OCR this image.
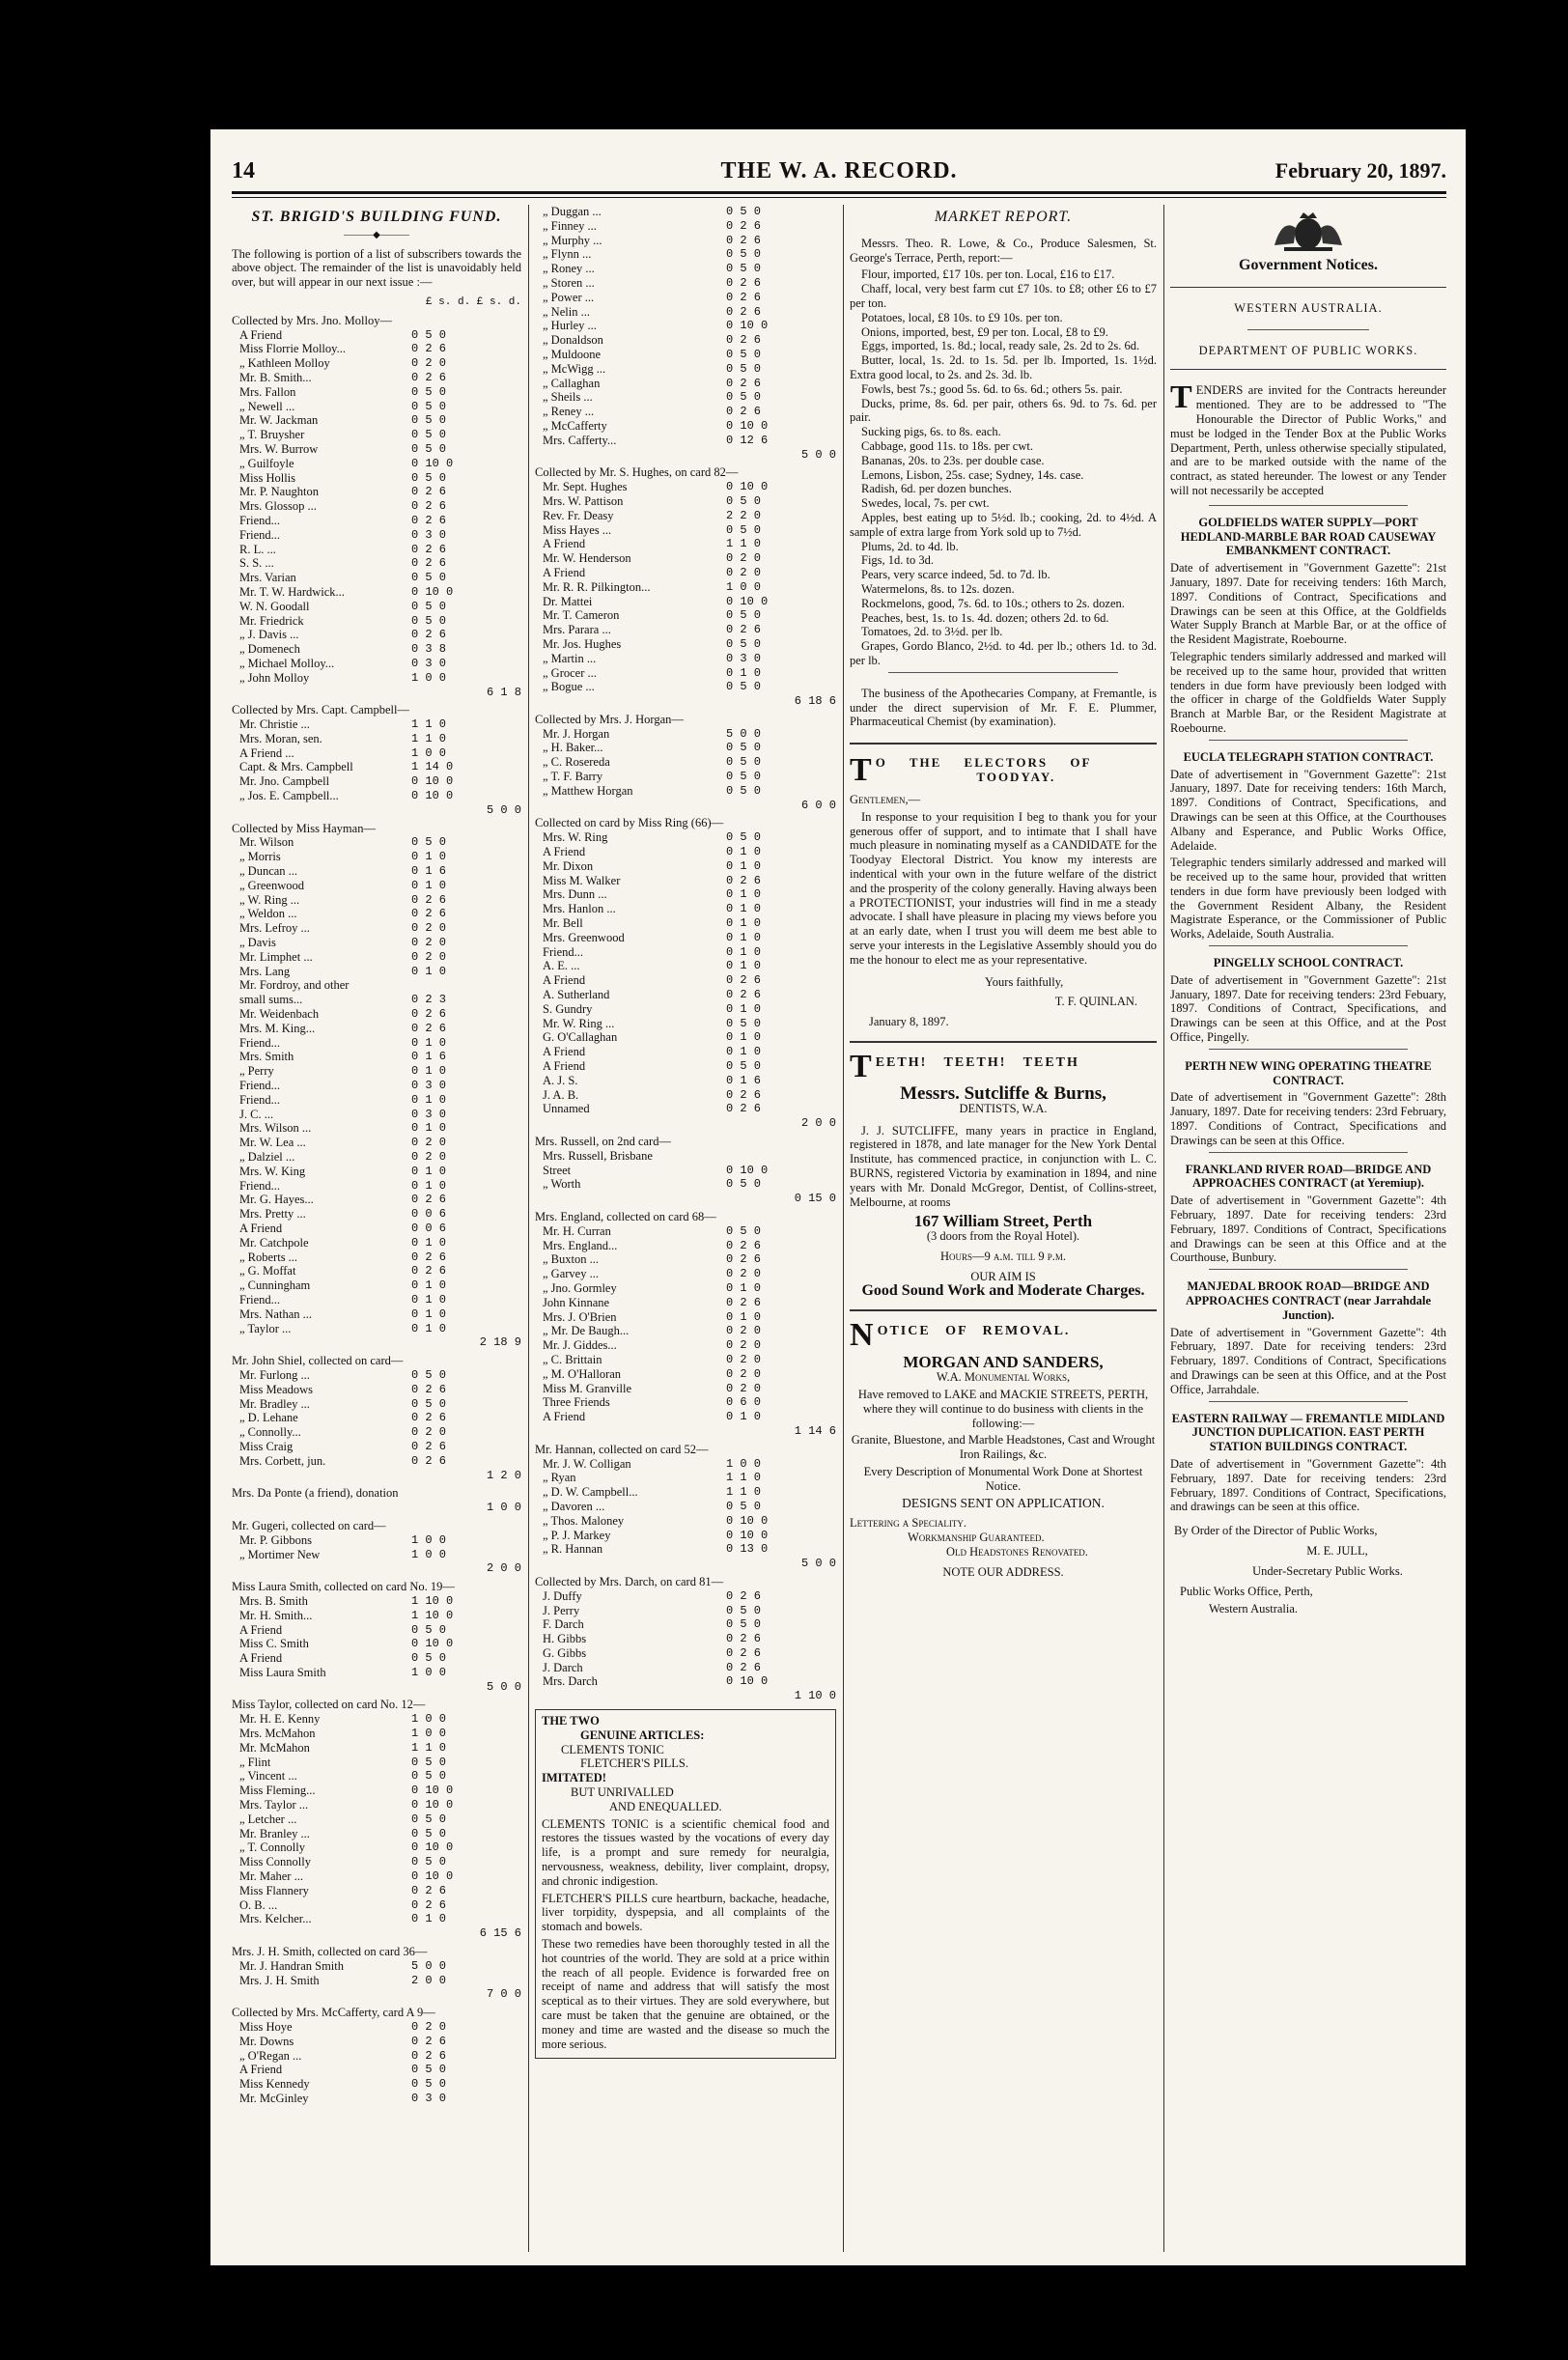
14	THE W. A. RECORD.	February 20, 1897.
ST. BRIGID'S BUILDING FUND.
———◆———
The following is portion of a list of subscribers towards the above object. The remainder of the list is unavoidably held over, but will appear in our next issue :—
£ s. d. £ s. d.
Collected by Mrs. Jno. Molloy—
A Friend	0 5 0
Miss Florrie Molloy...	0 2 6
„ Kathleen Molloy	0 2 0
Mr. B. Smith...	0 2 6
Mrs. Fallon	0 5 0
„ Newell ...	0 5 0
Mr. W. Jackman	0 5 0
„ T. Bruysher	0 5 0
Mrs. W. Burrow	0 5 0
„ Guilfoyle	0 10 0
Miss Hollis	0 5 0
Mr. P. Naughton	0 2 6
Mrs. Glossop ...	0 2 6
Friend...	0 2 6
Friend...	0 3 0
R. L. ...	0 2 6
S. S. ...	0 2 6
Mrs. Varian	0 5 0
Mr. T. W. Hardwick...	0 10 0
W. N. Goodall	0 5 0
Mr. Friedrick	0 5 0
„ J. Davis ...	0 2 6
„ Domenech	0 3 8
„ Michael Molloy...	0 3 0
„ John Molloy	1 0 0
6 1 8
Collected by Mrs. Capt. Campbell—
Mr. Christie ...	1 1 0
Mrs. Moran, sen.	1 1 0
A Friend ...	1 0 0
Capt. & Mrs. Campbell	1 14 0
Mr. Jno. Campbell	0 10 0
„ Jos. E. Campbell...	0 10 0
5 0 0
Collected by Miss Hayman—
Mr. Wilson	0 5 0
„ Morris	0 1 0
„ Duncan ...	0 1 6
„ Greenwood	0 1 0
„ W. Ring ...	0 2 6
„ Weldon ...	0 2 6
Mrs. Lefroy ...	0 2 0
„ Davis	0 2 0
Mr. Limphet ...	0 2 0
Mrs. Lang	0 1 0
Mr. Fordroy, and other
small sums...	0 2 3
Mr. Weidenbach	0 2 6
Mrs. M. King...	0 2 6
Friend...	0 1 0
Mrs. Smith	0 1 6
„ Perry	0 1 0
Friend...	0 3 0
Friend...	0 1 0
J. C. ...	0 3 0
Mrs. Wilson ...	0 1 0
Mr. W. Lea ...	0 2 0
„ Dalziel ...	0 2 0
Mrs. W. King	0 1 0
Friend...	0 1 0
Mr. G. Hayes...	0 2 6
Mrs. Pretty ...	0 0 6
A Friend	0 0 6
Mr. Catchpole	0 1 0
„ Roberts ...	0 2 6
„ G. Moffat	0 2 6
„ Cunningham	0 1 0
Friend...	0 1 0
Mrs. Nathan ...	0 1 0
„ Taylor ...	0 1 0
2 18 9
Mr. John Shiel, collected on card—
Mr. Furlong ...	0 5 0
Miss Meadows	0 2 6
Mr. Bradley ...	0 5 0
„ D. Lehane	0 2 6
„ Connolly...	0 2 0
Miss Craig	0 2 6
Mrs. Corbett, jun.	0 2 6
1 2 0
Mrs. Da Ponte (a friend), donation
1 0 0
Mr. Gugeri, collected on card—
Mr. P. Gibbons	1 0 0
„ Mortimer New	1 0 0
2 0 0
Miss Laura Smith, collected on card No. 19—
Mrs. B. Smith	1 10 0
Mr. H. Smith...	1 10 0
A Friend	0 5 0
Miss C. Smith	0 10 0
A Friend	0 5 0
Miss Laura Smith	1 0 0
5 0 0
Miss Taylor, collected on card No. 12—
Mr. H. E. Kenny	1 0 0
Mrs. McMahon	1 0 0
Mr. McMahon	1 1 0
„ Flint	0 5 0
„ Vincent ...	0 5 0
Miss Fleming...	0 10 0
Mrs. Taylor ...	0 10 0
„ Letcher ...	0 5 0
Mr. Branley ...	0 5 0
„ T. Connolly	0 10 0
Miss Connolly	0 5 0
Mr. Maher ...	0 10 0
Miss Flannery	0 2 6
O. B. ...	0 2 6
Mrs. Kelcher...	0 1 0
6 15 6
Mrs. J. H. Smith, collected on card 36—
Mr. J. Handran Smith	5 0 0
Mrs. J. H. Smith	2 0 0
7 0 0
Collected by Mrs. McCafferty, card A 9—
Miss Hoye	0 2 0
Mr. Downs	0 2 6
„ O'Regan ...	0 2 6
A Friend	0 5 0
Miss Kennedy	0 5 0
Mr. McGinley	0 3 0
„ Duggan ...	0 5 0
„ Finney ...	0 2 6
„ Murphy ...	0 2 6
„ Flynn ...	0 5 0
„ Roney ...	0 5 0
„ Storen ...	0 2 6
„ Power ...	0 2 6
„ Nelin ...	0 2 6
„ Hurley ...	0 10 0
„ Donaldson	0 2 6
„ Muldoone	0 5 0
„ McWigg ...	0 5 0
„ Callaghan	0 2 6
„ Sheils ...	0 5 0
„ Reney ...	0 2 6
„ McCafferty	0 10 0
Mrs. Cafferty...	0 12 6
5 0 0
Collected by Mr. S. Hughes, on card 82—
Mr. Sept. Hughes	0 10 0
Mrs. W. Pattison	0 5 0
Rev. Fr. Deasy	2 2 0
Miss Hayes ...	0 5 0
A Friend	1 1 0
Mr. W. Henderson	0 2 0
A Friend	0 2 0
Mr. R. R. Pilkington...	1 0 0
Dr. Mattei	0 10 0
Mr. T. Cameron	0 5 0
Mrs. Parara ...	0 2 6
Mr. Jos. Hughes	0 5 0
„ Martin ...	0 3 0
„ Grocer ...	0 1 0
„ Bogue ...	0 5 0
6 18 6
Collected by Mrs. J. Horgan—
Mr. J. Horgan	5 0 0
„ H. Baker...	0 5 0
„ C. Rosereda	0 5 0
„ T. F. Barry	0 5 0
„ Matthew Horgan	0 5 0
6 0 0
Collected on card by Miss Ring (66)—
Mrs. W. Ring	0 5 0
A Friend	0 1 0
Mr. Dixon	0 1 0
Miss M. Walker	0 2 6
Mrs. Dunn ...	0 1 0
Mrs. Hanlon ...	0 1 0
Mr. Bell	0 1 0
Mrs. Greenwood	0 1 0
Friend...	0 1 0
A. E. ...	0 1 0
A Friend	0 2 6
A. Sutherland	0 2 6
S. Gundry	0 1 0
Mr. W. Ring ...	0 5 0
G. O'Callaghan	0 1 0
A Friend	0 1 0
A Friend	0 5 0
A. J. S.	0 1 6
J. A. B.	0 2 6
Unnamed	0 2 6
2 0 0
Mrs. Russell, on 2nd card—
Mrs. Russell, Brisbane
Street	0 10 0
„ Worth	0 5 0
0 15 0
Mrs. England, collected on card 68—
Mr. H. Curran	0 5 0
Mrs. England...	0 2 6
„ Buxton ...	0 2 6
„ Garvey ...	0 2 0
„ Jno. Gormley	0 1 0
John Kinnane	0 2 6
Mrs. J. O'Brien	0 1 0
„ Mr. De Baugh...	0 2 0
Mr. J. Giddes...	0 2 0
„ C. Brittain	0 2 0
„ M. O'Halloran	0 2 0
Miss M. Granville	0 2 0
Three Friends	0 6 0
A Friend	0 1 0
1 14 6
Mr. Hannan, collected on card 52—
Mr. J. W. Colligan	1 0 0
„ Ryan	1 1 0
„ D. W. Campbell...	1 1 0
„ Davoren ...	0 5 0
„ Thos. Maloney	0 10 0
„ P. J. Markey	0 10 0
„ R. Hannan	0 13 0
5 0 0
Collected by Mrs. Darch, on card 81—
J. Duffy	0 2 6
J. Perry	0 5 0
F. Darch	0 5 0
H. Gibbs	0 2 6
G. Gibbs	0 2 6
J. Darch	0 2 6
Mrs. Darch	0 10 0
1 10 0
THE TWO
GENUINE ARTICLES:
CLEMENTS TONIC
FLETCHER'S PILLS.
IMITATED!
BUT UNRIVALLED
AND ENEQUALLED.

CLEMENTS TONIC is a scientific chemical food and restores the tissues wasted by the vocations of every day life, is a prompt and sure remedy for neuralgia, nervousness, weakness, debility, liver complaint, dropsy, and chronic indigestion.

FLETCHER'S PILLS cure heartburn, backache, headache, liver torpidity, dyspepsia, and all complaints of the stomach and bowels.

These two remedies have been thoroughly tested in all the hot countries of the world. They are sold at a price within the reach of all people. Evidence is forwarded free on receipt of name and address that will satisfy the most sceptical as to their virtues. They are sold everywhere, but care must be taken that the genuine are obtained, or the money and time are wasted and the disease so much the more serious.

MARKET REPORT.

Messrs. Theo. R. Lowe, & Co., Produce Salesmen, St. George's Terrace, Perth, report:—

Flour, imported, £17 10s. per ton. Local, £16 to £17.

Chaff, local, very best farm cut £7 10s. to £8; other £6 to £7 per ton.

Potatoes, local, £8 10s. to £9 10s. per ton.

Onions, imported, best, £9 per ton. Local, £8 to £9.

Eggs, imported, 1s. 8d.; local, ready sale, 2s. 2d to 2s. 6d.

Butter, local, 1s. 2d. to 1s. 5d. per lb. Imported, 1s. 1½d. Extra good local, to 2s. and 2s. 3d. lb.

Fowls, best 7s.; good 5s. 6d. to 6s. 6d.; others 5s. pair.

Ducks, prime, 8s. 6d. per pair, others 6s. 9d. to 7s. 6d. per pair.

Sucking pigs, 6s. to 8s. each.

Cabbage, good 11s. to 18s. per cwt.

Bananas, 20s. to 23s. per double case.

Lemons, Lisbon, 25s. case; Sydney, 14s. case.

Radish, 6d. per dozen bunches.

Swedes, local, 7s. per cwt.

Apples, best eating up to 5½d. lb.; cooking, 2d. to 4½d. A sample of extra large from York sold up to 7½d.

Plums, 2d. to 4d. lb.

Figs, 1d. to 3d.

Pears, very scarce indeed, 5d. to 7d. lb.

Watermelons, 8s. to 12s. dozen.

Rockmelons, good, 7s. 6d. to 10s.; others to 2s. dozen.

Peaches, best, 1s. to 1s. 4d. dozen; others 2d. to 6d.

Tomatoes, 2d. to 3½d. per lb.

Grapes, Gordo Blanco, 2½d. to 4d. per lb.; others 1d. to 3d. per lb.

The business of the Apothecaries Company, at Fremantle, is under the direct supervision of Mr. F. E. Plummer, Pharmaceutical Chemist (by examination).

T O THE ELECTORS OF
TOODYAY.
Gentlemen,—

In response to your requisition I beg to thank you for your generous offer of support, and to intimate that I shall have much pleasure in nominating myself as a CANDIDATE for the Toodyay Electoral District. You know my interests are indentical with your own in the future welfare of the district and the prosperity of the colony generally. Having always been a PROTECTIONIST, your industries will find in me a steady advocate. I shall have pleasure in placing my views before you at an early date, when I trust you will deem me best able to serve your interests in the Legislative Assembly should you do me the honour to elect me as your representative.

Yours faithfully,
T. F. QUINLAN.
January 8, 1897.
T EETH! TEETH! TEETH
Messrs. Sutcliffe & Burns,
DENTISTS, W.A.

J. J. SUTCLIFFE, many years in practice in England, registered in 1878, and late manager for the New York Dental Institute, has commenced practice, in conjunction with L. C. BURNS, registered Victoria by examination in 1894, and nine years with Mr. Donald McGregor, Dentist, of Collins-street, Melbourne, at rooms

167 William Street, Perth
(3 doors from the Royal Hotel).
Hours—9 a.m. till 9 p.m.
OUR AIM IS
Good Sound Work and Moderate Charges.
N OTICE OF REMOVAL.
MORGAN AND SANDERS,
W.A. Monumental Works,

Have removed to LAKE and MACKIE STREETS, PERTH, where they will continue to do business with clients in the following:—

Granite, Bluestone, and Marble Headstones, Cast and Wrought Iron Railings, &c.

Every Description of Monumental Work Done at Shortest Notice.

DESIGNS SENT ON APPLICATION.
Lettering a Speciality.
Workmanship Guaranteed.
Old Headstones Renovated.
NOTE OUR ADDRESS.
Government Notices.
WESTERN AUSTRALIA.
DEPARTMENT OF PUBLIC WORKS.
T ENDERS are invited for the Contracts hereunder mentioned. They are to be addressed to "The Honourable the Director of Public Works," and must be lodged in the Tender Box at the Public Works Department, Perth, unless otherwise specially stipulated, and are to be marked outside with the name of the contract, as stated hereunder. The lowest or any Tender will not necessarily be accepted

GOLDFIELDS WATER SUPPLY—PORT HEDLAND-MARBLE BAR ROAD CAUSEWAY EMBANKMENT CONTRACT.

Date of advertisement in "Government Gazette": 21st January, 1897. Date for receiving tenders: 16th March, 1897. Conditions of Contract, Specifications and Drawings can be seen at this Office, at the Goldfields Water Supply Branch at Marble Bar, or at the office of the Resident Magistrate, Roebourne.

Telegraphic tenders similarly addressed and marked will be received up to the same hour, provided that written tenders in due form have previously been lodged with the officer in charge of the Goldfields Water Supply Branch at Marble Bar, or the Resident Magistrate at Roebourne.

EUCLA TELEGRAPH STATION CONTRACT.

Date of advertisement in "Government Gazette": 21st January, 1897. Date for receiving tenders: 16th March, 1897. Conditions of Contract, Specifications, and Drawings can be seen at this Office, at the Courthouses Albany and Esperance, and Public Works Office, Adelaide.

Telegraphic tenders similarly addressed and marked will be received up to the same hour, provided that written tenders in due form have previously been lodged with the Government Resident Albany, the Resident Magistrate Esperance, or the Commissioner of Public Works, Adelaide, South Australia.

PINGELLY SCHOOL CONTRACT.

Date of advertisement in "Government Gazette": 21st January, 1897. Date for receiving tenders: 23rd Febuary, 1897. Conditions of Contract, Specifications, and Drawings can be seen at this Office, and at the Post Office, Pingelly.

PERTH NEW WING OPERATING THEATRE CONTRACT.

Date of advertisement in "Government Gazette": 28th January, 1897. Date for receiving tenders: 23rd February, 1897. Conditions of Contract, Specifications and Drawings can be seen at this Office.

FRANKLAND RIVER ROAD—BRIDGE AND APPROACHES CONTRACT (at Yeremiup).

Date of advertisement in "Government Gazette": 4th February, 1897. Date for receiving tenders: 23rd February, 1897. Conditions of Contract, Specifications and Drawings can be seen at this Office and at the Courthouse, Bunbury.

MANJEDAL BROOK ROAD—BRIDGE AND APPROACHES CONTRACT (near Jarrahdale Junction).

Date of advertisement in "Government Gazette": 4th February, 1897. Date for receiving tenders: 23rd February, 1897. Conditions of Contract, Specifications and Drawings can be seen at this Office, and at the Post Office, Jarrahdale.

EASTERN RAILWAY — FREMANTLE MIDLAND JUNCTION DUPLICATION. EAST PERTH STATION BUILDINGS CONTRACT.

Date of advertisement in "Government Gazette": 4th February, 1897. Date for receiving tenders: 23rd February, 1897. Conditions of Contract, Specifications, and drawings can be seen at this office.

By Order of the Director of Public Works,
M. E. JULL,
Under-Secretary Public Works.
Public Works Office, Perth,
Western Australia.
